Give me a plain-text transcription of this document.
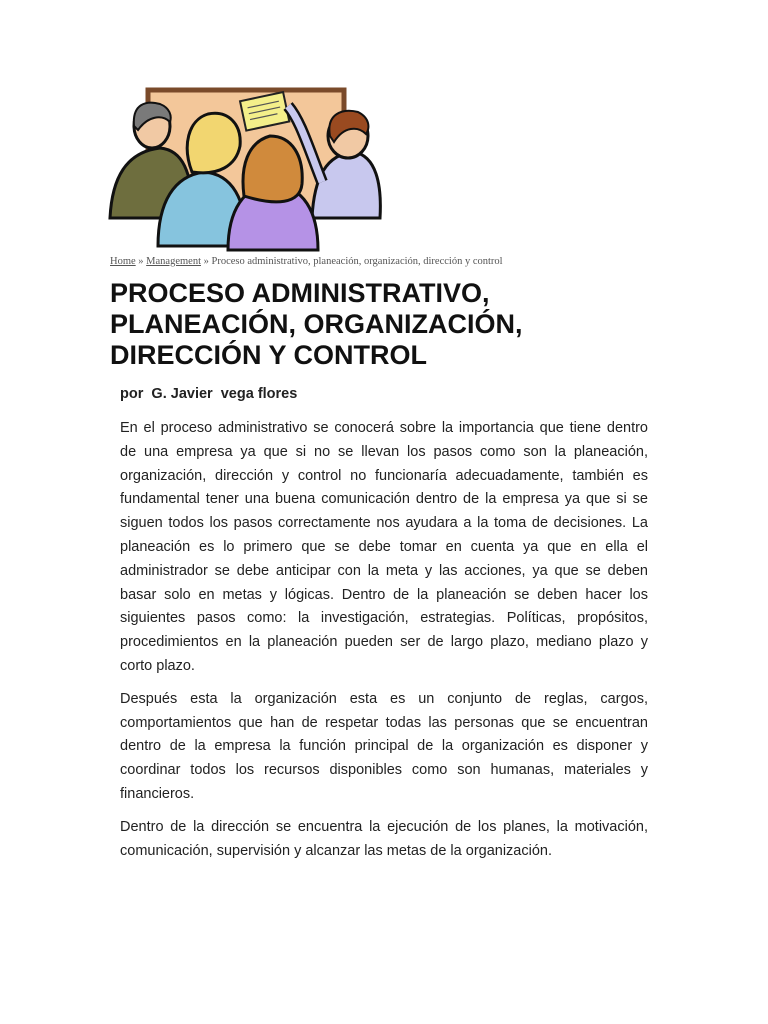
Home » Management » Proceso administrativo, planeación, organización, dirección y control
PROCESO ADMINISTRATIVO,
PLANEACIÓN, ORGANIZACIÓN,
DIRECCIÓN Y CONTROL
por  G. Javier  vega flores

En el proceso administrativo se conocerá sobre la importancia que tiene dentro de una empresa ya que si no se llevan los pasos como son la planeación, organización, dirección y control no funcionaría adecuadamente, también es fundamental tener una buena comunicación dentro de la empresa ya que si se siguen todos los pasos correctamente nos ayudara a la toma de decisiones. La planeación es lo primero que se debe tomar en cuenta ya que en ella el administrador se debe anticipar con la meta y las acciones, ya que se deben basar solo en metas y lógicas. Dentro de la planeación se deben hacer los siguientes pasos como: la investigación, estrategias. Políticas, propósitos, procedimientos en la planeación pueden ser de largo plazo, mediano plazo y corto plazo.

Después esta la organización esta es un conjunto de reglas, cargos, comportamientos que han de respetar todas las personas que se encuentran dentro de la empresa la función principal de la organización es disponer y coordinar todos los recursos disponibles como son humanas, materiales y financieros.

Dentro de la dirección se encuentra la ejecución de los planes, la motivación, comunicación, supervisión y alcanzar las metas de la organización.
